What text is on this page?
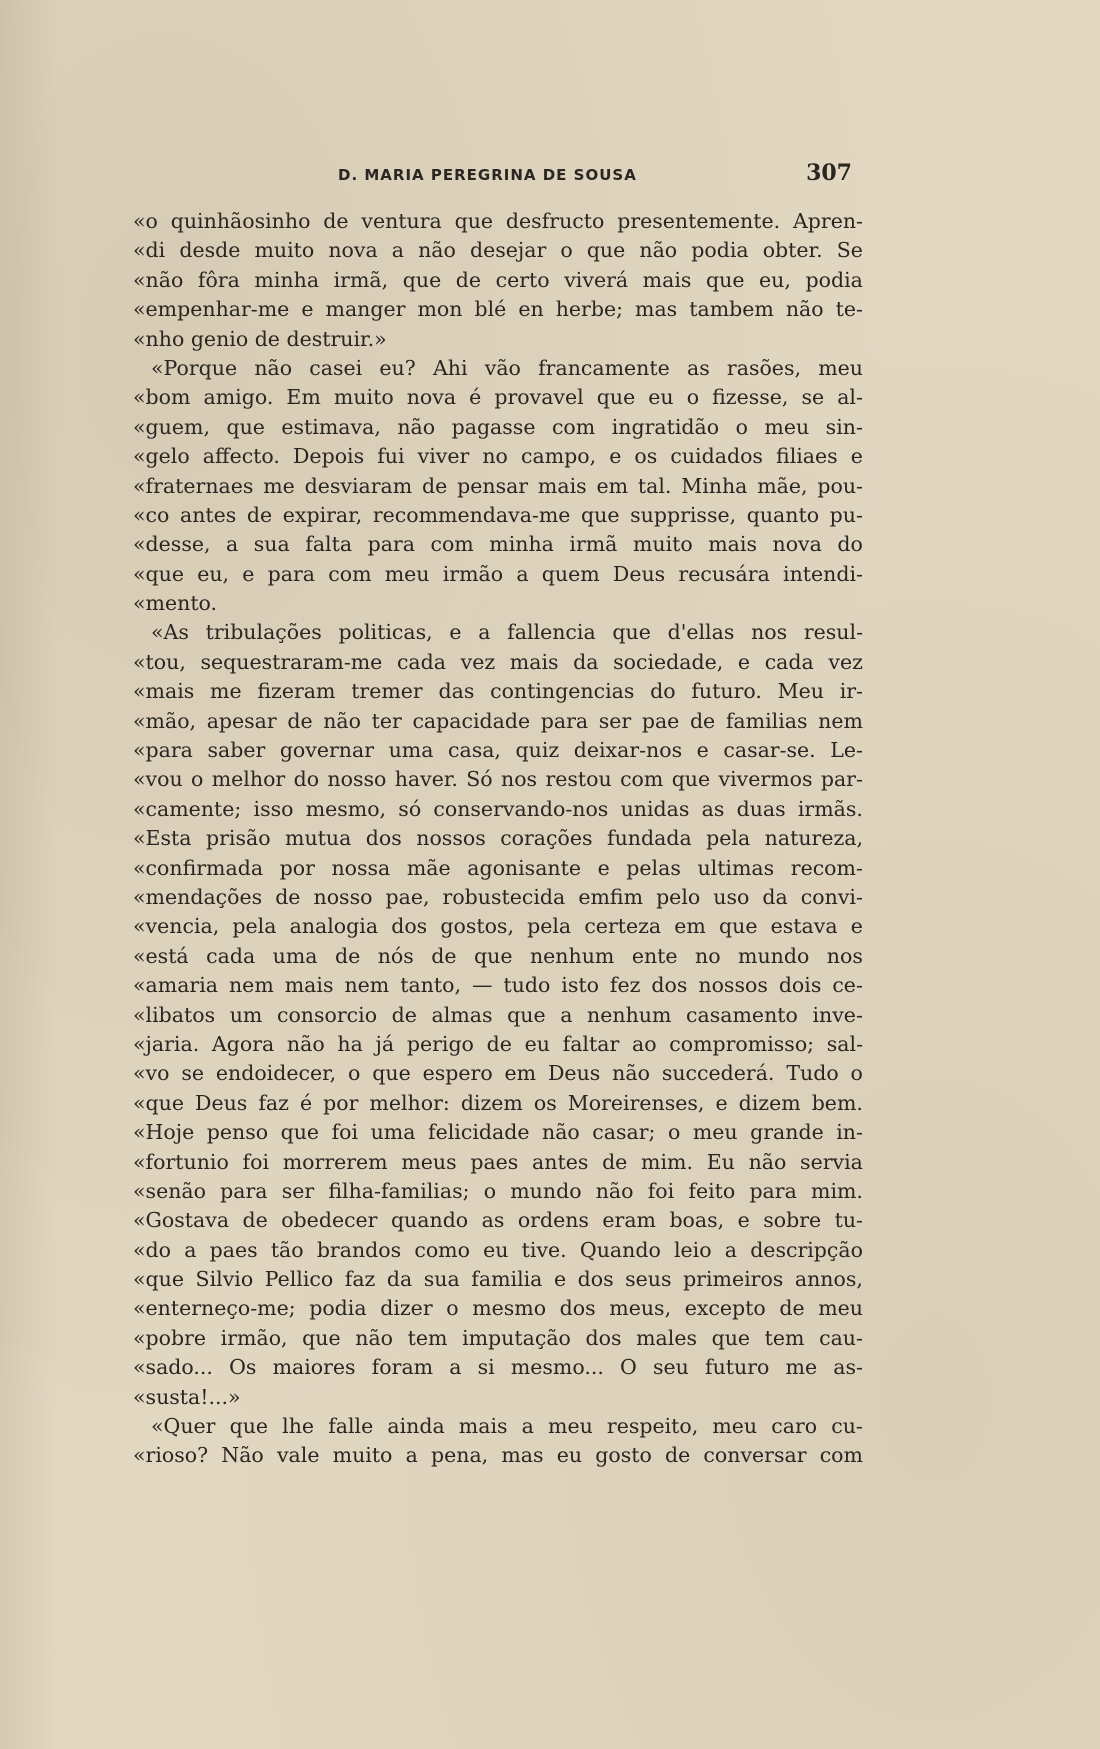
D. MARIA PEREGRINA DE SOUSA	307
«o quinhãosinho de ventura que desfructo presentemente. Apren-
«di desde muito nova a não desejar o que não podia obter. Se
«não fôra minha irmã, que de certo viverá mais que eu, podia
«empenhar-me e manger mon blé en herbe; mas tambem não te-
«nho genio de destruir.»
«Porque não casei eu? Ahi vão francamente as rasões, meu
«bom amigo. Em muito nova é provavel que eu o fizesse, se al-
«guem, que estimava, não pagasse com ingratidão o meu sin-
«gelo affecto. Depois fui viver no campo, e os cuidados filiaes e
«fraternaes me desviaram de pensar mais em tal. Minha mãe, pou-
«co antes de expirar, recommendava-me que supprisse, quanto pu-
«desse, a sua falta para com minha irmã muito mais nova do
«que eu, e para com meu irmão a quem Deus recusára intendi-
«mento.
«As tribulações politicas, e a fallencia que d'ellas nos resul-
«tou, sequestraram-me cada vez mais da sociedade, e cada vez
«mais me fizeram tremer das contingencias do futuro. Meu ir-
«mão, apesar de não ter capacidade para ser pae de familias nem
«para saber governar uma casa, quiz deixar-nos e casar-se. Le-
«vou o melhor do nosso haver. Só nos restou com que vivermos par-
«camente; isso mesmo, só conservando-nos unidas as duas irmãs.
«Esta prisão mutua dos nossos corações fundada pela natureza,
«confirmada por nossa mãe agonisante e pelas ultimas recom-
«mendações de nosso pae, robustecida emfim pelo uso da convi-
«vencia, pela analogia dos gostos, pela certeza em que estava e
«está cada uma de nós de que nenhum ente no mundo nos
«amaria nem mais nem tanto, — tudo isto fez dos nossos dois ce-
«libatos um consorcio de almas que a nenhum casamento inve-
«jaria. Agora não ha já perigo de eu faltar ao compromisso; sal-
«vo se endoidecer, o que espero em Deus não succederá. Tudo o
«que Deus faz é por melhor: dizem os Moreirenses, e dizem bem.
«Hoje penso que foi uma felicidade não casar; o meu grande in-
«fortunio foi morrerem meus paes antes de mim. Eu não servia
«senão para ser filha-familias; o mundo não foi feito para mim.
«Gostava de obedecer quando as ordens eram boas, e sobre tu-
«do a paes tão brandos como eu tive. Quando leio a descripção
«que Silvio Pellico faz da sua familia e dos seus primeiros annos,
«enterneço-me; podia dizer o mesmo dos meus, excepto de meu
«pobre irmão, que não tem imputação dos males que tem cau-
«sado... Os maiores foram a si mesmo... O seu futuro me as-
«susta!...»
«Quer que lhe falle ainda mais a meu respeito, meu caro cu-
«rioso? Não vale muito a pena, mas eu gosto de conversar com
